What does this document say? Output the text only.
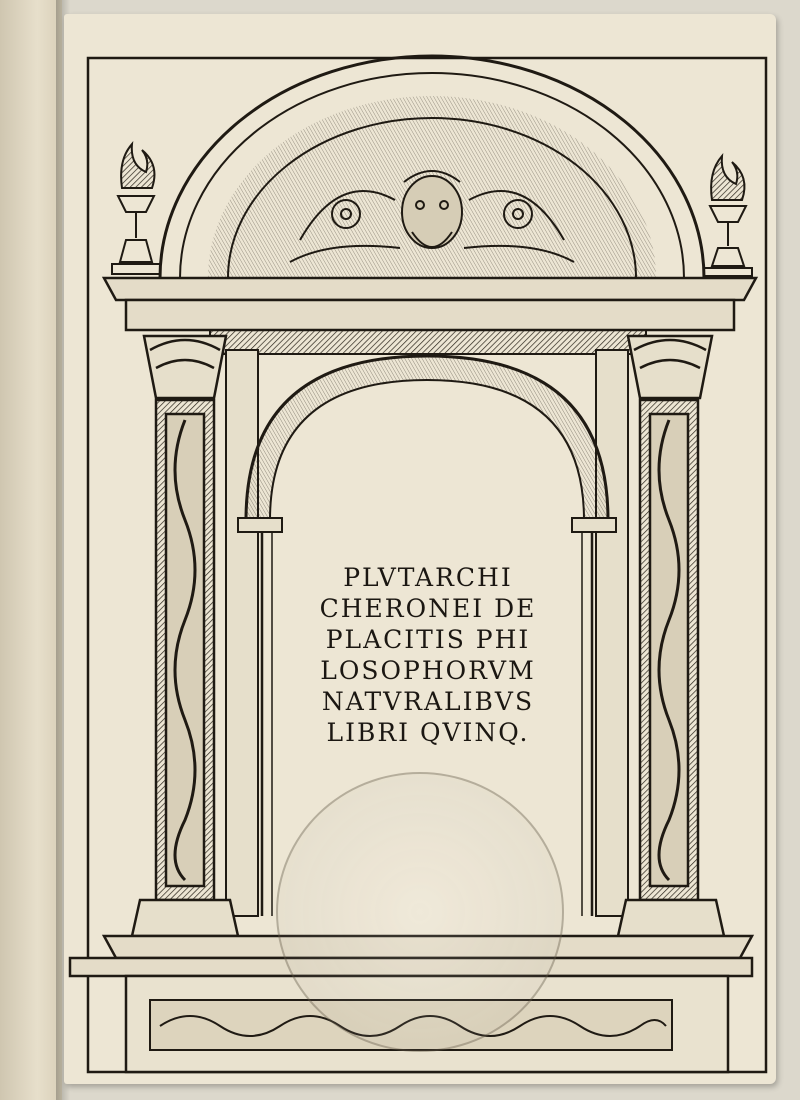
PLVTARCHI
CHERONEI DE
PLACITIS PHI
LOSOPHORVM
NATVRALIBVS
LIBRI QVINQ.
